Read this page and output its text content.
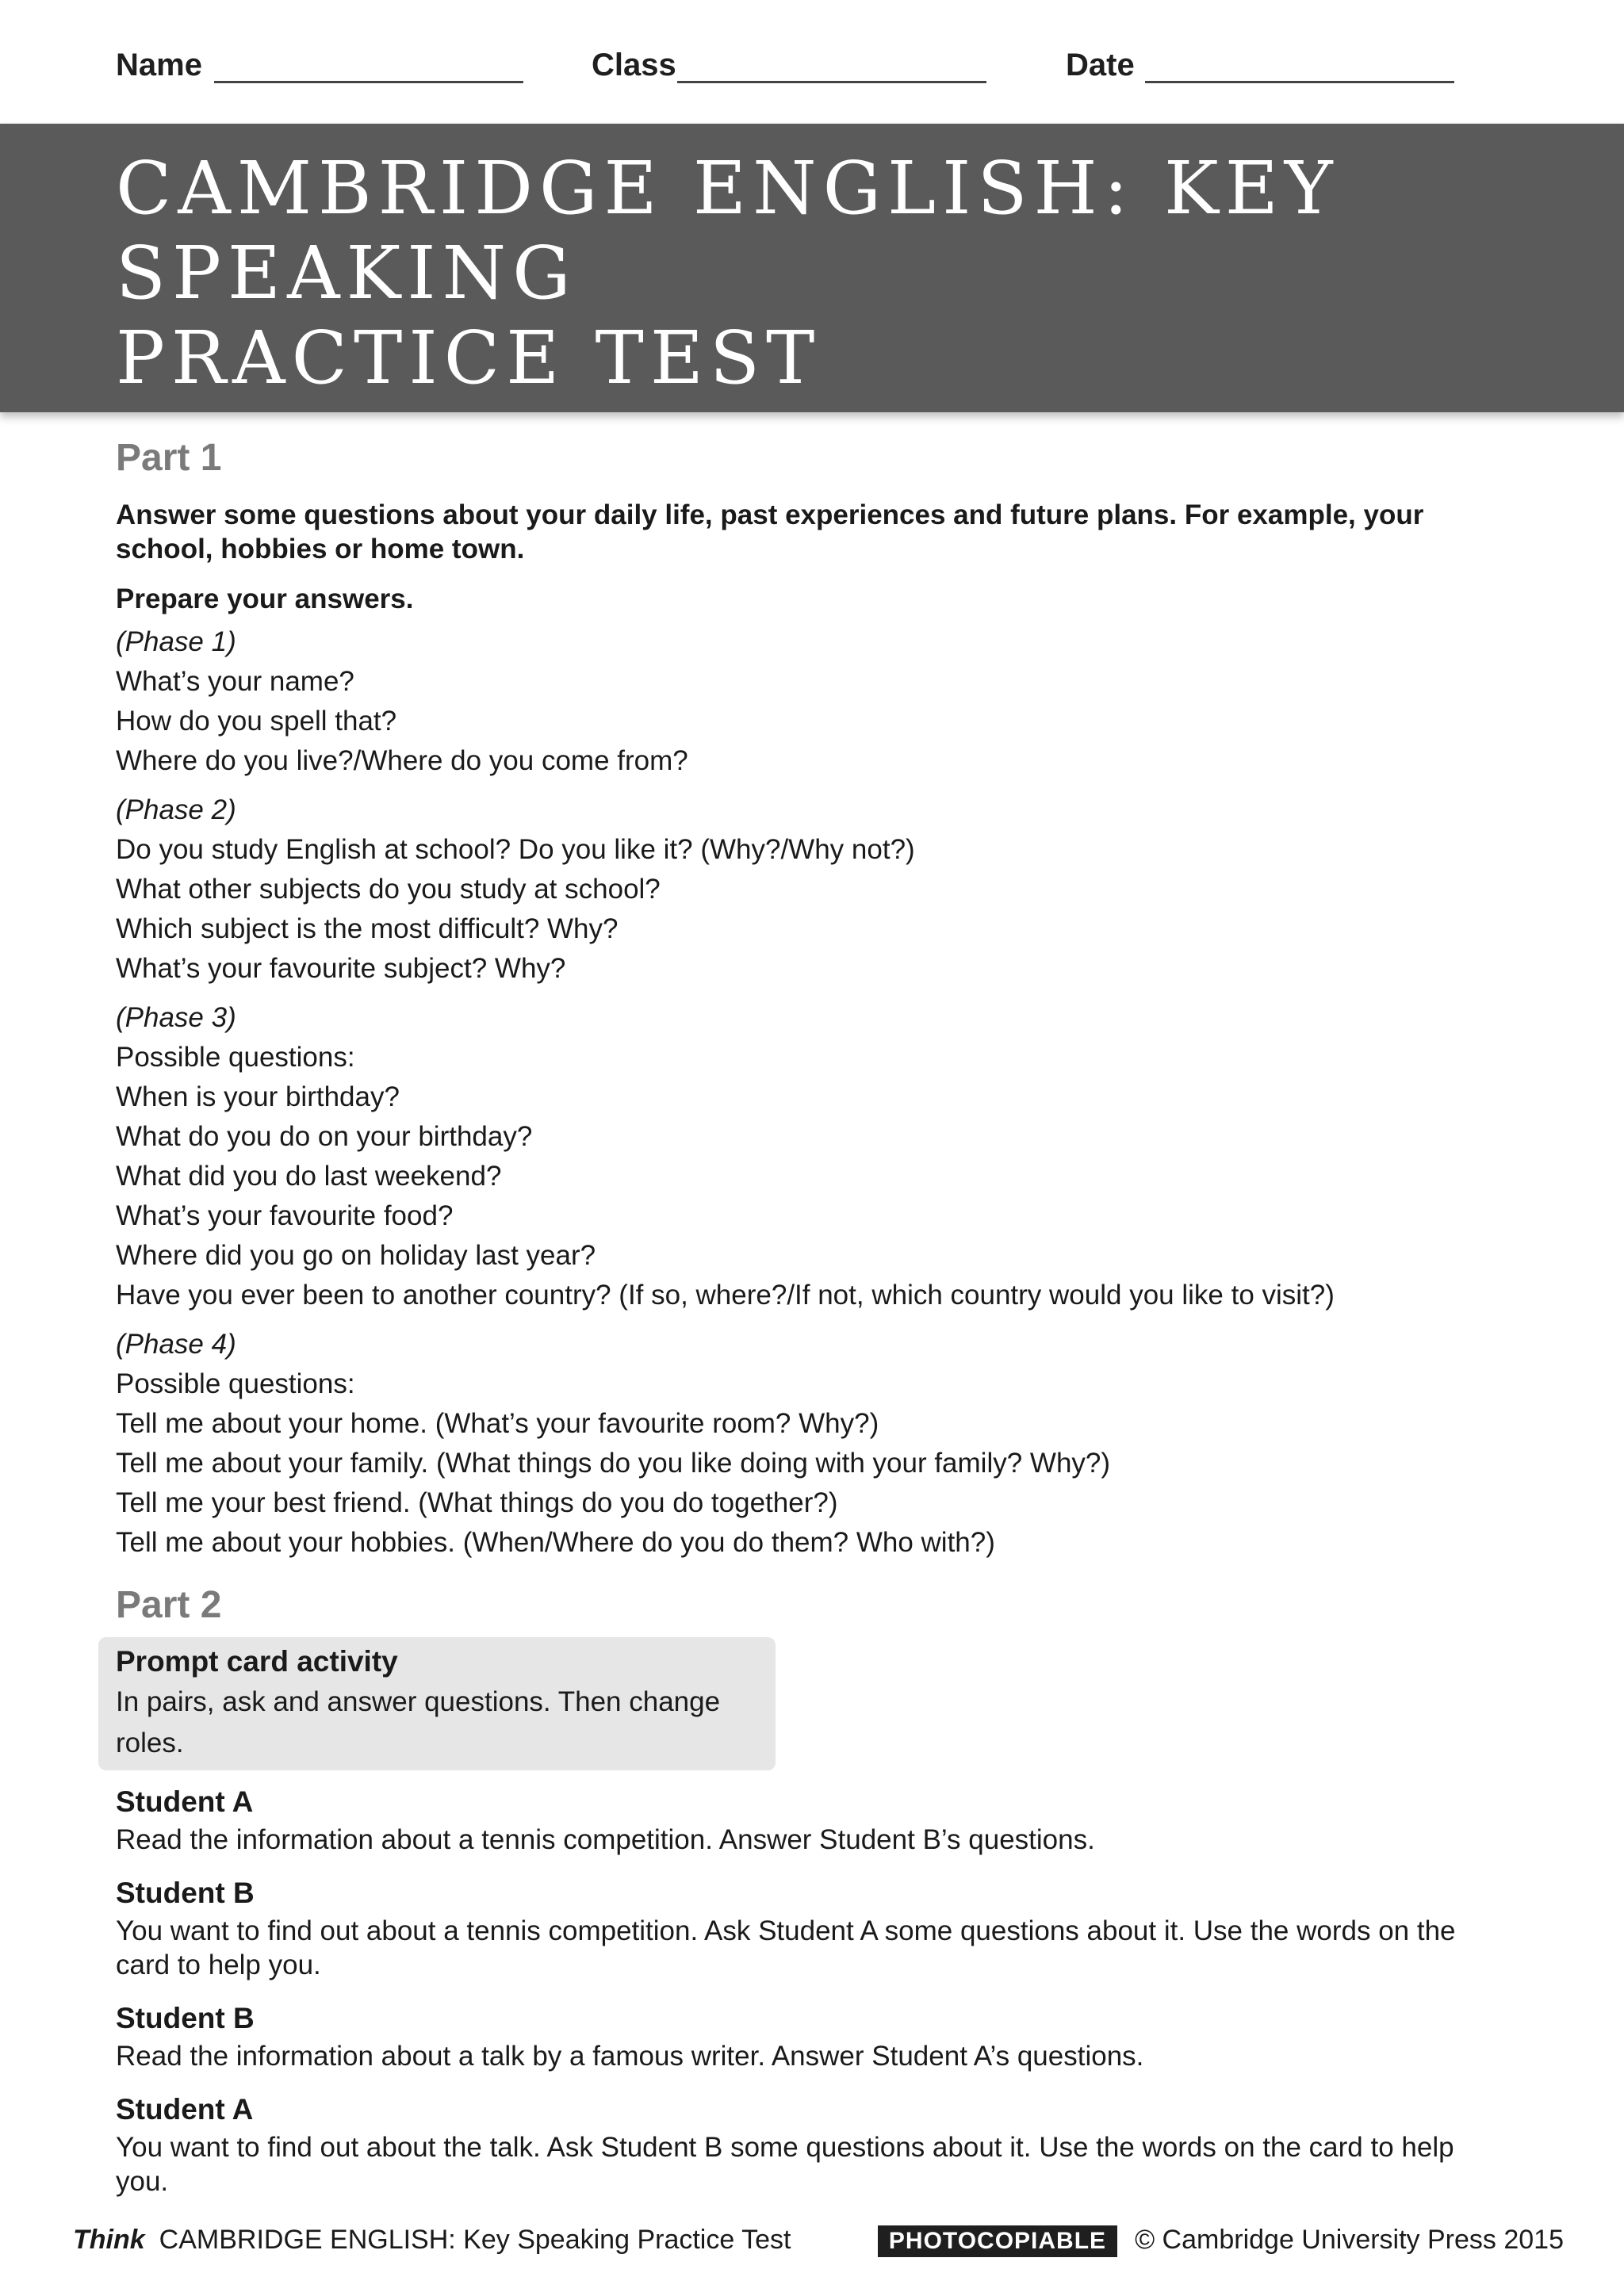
Name	Class	Date
CAMBRIDGE ENGLISH: KEY
SPEAKING
PRACTICE TEST
Part 1

Answer some questions about your daily life, past experiences and future plans. For example, your school, hobbies or home town.

Prepare your answers.

(Phase 1)

What’s your name?

How do you spell that?

Where do you live?/Where do you come from?

(Phase 2)

Do you study English at school? Do you like it? (Why?/Why not?)

What other subjects do you study at school?

Which subject is the most difficult? Why?

What’s your favourite subject? Why?

(Phase 3)

Possible questions:

When is your birthday?

What do you do on your birthday?

What did you do last weekend?

What’s your favourite food?

Where did you go on holiday last year?

Have you ever been to another country? (If so, where?/If not, which country would you like to visit?)

(Phase 4)

Possible questions:

Tell me about your home. (What’s your favourite room? Why?)

Tell me about your family. (What things do you like doing with your family? Why?)

Tell me your best friend. (What things do you do together?)

Tell me about your hobbies. (When/Where do you do them? Who with?)

Part 2

Prompt card activity

In pairs, ask and answer questions. Then change roles.

Student A

Read the information about a tennis competition. Answer Student B’s questions.

Student B

You want to find out about a tennis competition. Ask Student A some questions about it. Use the words on the card to help you.

Student B

Read the information about a talk by a famous writer. Answer Student A’s questions.

Student A

You want to find out about the talk. Ask Student B some questions about it. Use the words on the card to help you.

Think CAMBRIDGE ENGLISH: Key Speaking Practice Test	PHOTOCOPIABLE © Cambridge University Press 2015
